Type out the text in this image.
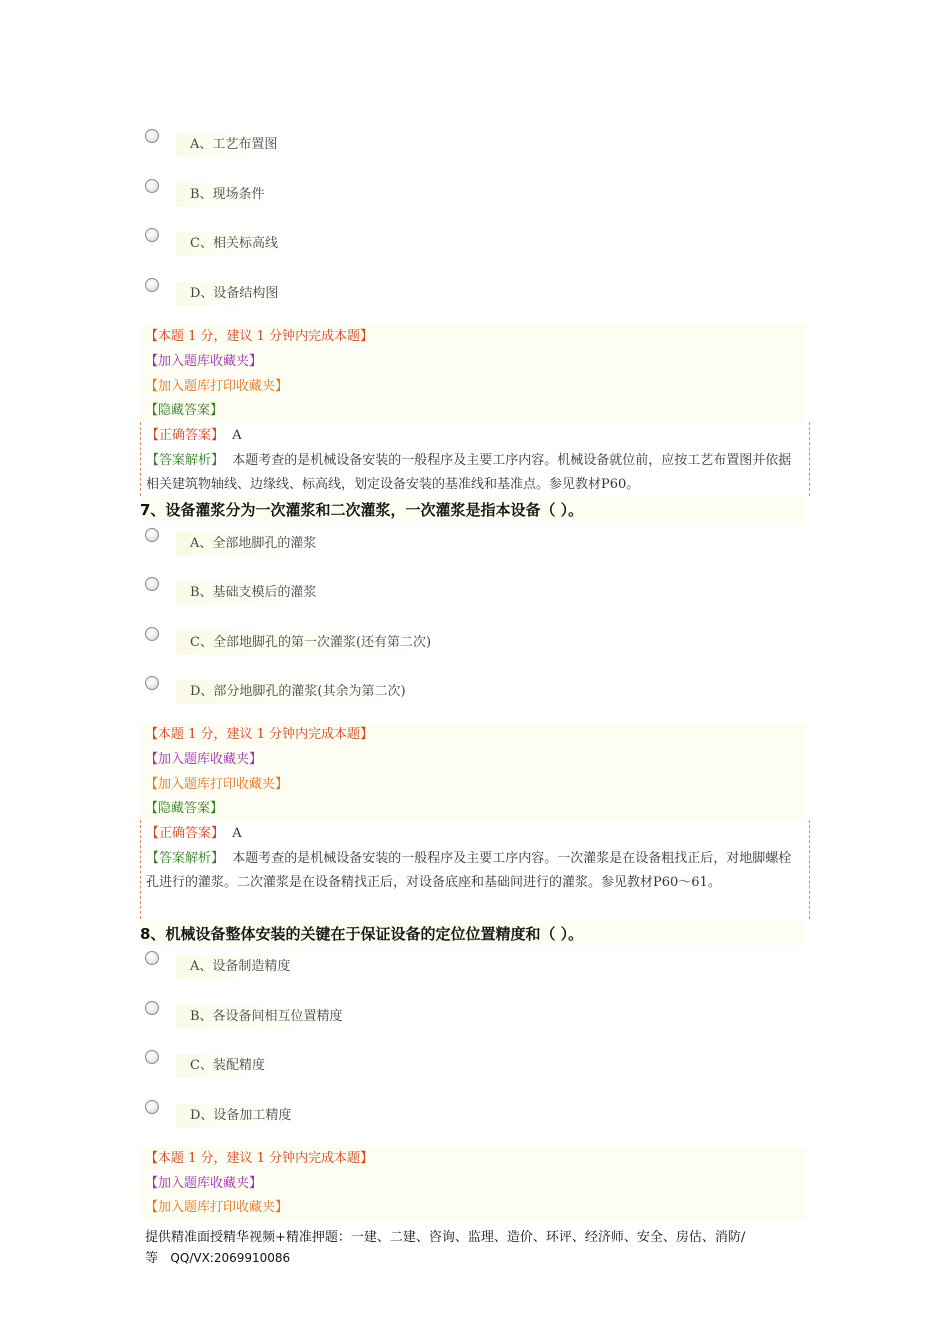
A、工艺布置图
B、现场条件
C、相关标高线
D、设备结构图
【本题 1 分，建议 1 分钟内完成本题】
【加入题库收藏夹】
【加入题库打印收藏夹】
【隐藏答案】
【正确答案】 A
【答案解析】 本题考查的是机械设备安装的一般程序及主要工序内容。机械设备就位前，应按工艺布置图并依据相关建筑物轴线、边缘线、标高线，划定设备安装的基准线和基准点。参见教材P60。
7、设备灌浆分为一次灌浆和二次灌浆，一次灌浆是指本设备（ ）。
A、全部地脚孔的灌浆
B、基础支模后的灌浆
C、全部地脚孔的第一次灌浆(还有第二次)
D、部分地脚孔的灌浆(其余为第二次)
【本题 1 分，建议 1 分钟内完成本题】
【加入题库收藏夹】
【加入题库打印收藏夹】
【隐藏答案】
【正确答案】 A
【答案解析】 本题考查的是机械设备安装的一般程序及主要工序内容。一次灌浆是在设备粗找正后，对地脚螺栓孔进行的灌浆。二次灌浆是在设备精找正后，对设备底座和基础间进行的灌浆。参见教材P60～61。
8、机械设备整体安装的关键在于保证设备的定位位置精度和（ ）。
A、设备制造精度
B、各设备间相互位置精度
C、装配精度
D、设备加工精度
【本题 1 分，建议 1 分钟内完成本题】
【加入题库收藏夹】
【加入题库打印收藏夹】
提供精准面授精华视频+精准押题：一建、二建、咨询、监理、造价、环评、经济师、安全、房估、消防/等 QQ/VX:2069910086
